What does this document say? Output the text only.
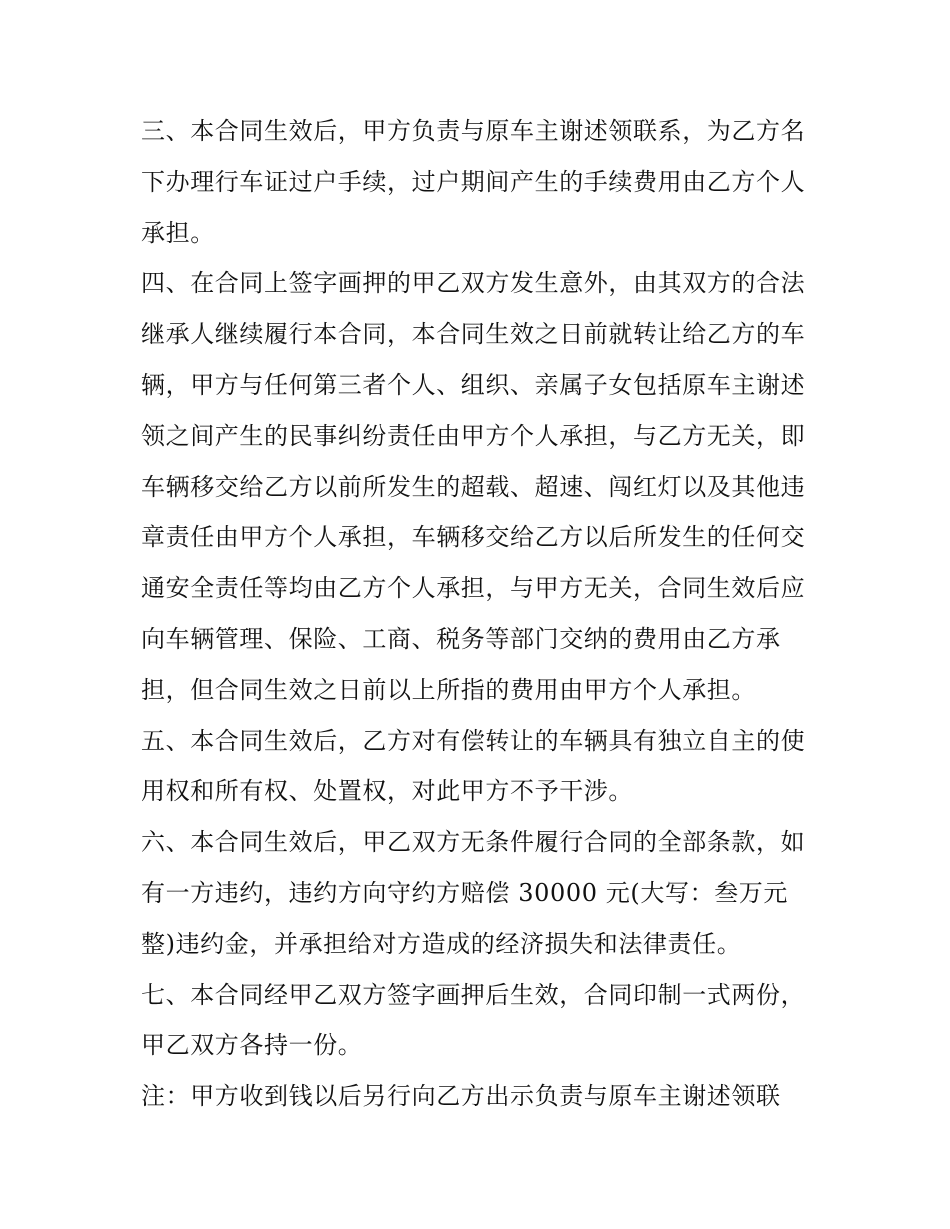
三、本合同生效后，甲方负责与原车主谢述领联系，为乙方名下办理行车证过户手续，过户期间产生的手续费用由乙方个人承担。

四、在合同上签字画押的甲乙双方发生意外，由其双方的合法继承人继续履行本合同，本合同生效之日前就转让给乙方的车辆，甲方与任何第三者个人、组织、亲属子女包括原车主谢述领之间产生的民事纠纷责任由甲方个人承担，与乙方无关，即车辆移交给乙方以前所发生的超载、超速、闯红灯以及其他违章责任由甲方个人承担，车辆移交给乙方以后所发生的任何交通安全责任等均由乙方个人承担，与甲方无关，合同生效后应向车辆管理、保险、工商、税务等部门交纳的费用由乙方承担，但合同生效之日前以上所指的费用由甲方个人承担。

五、本合同生效后，乙方对有偿转让的车辆具有独立自主的使用权和所有权、处置权，对此甲方不予干涉。

六、本合同生效后，甲乙双方无条件履行合同的全部条款，如有一方违约，违约方向守约方赔偿 30000 元(大写：叁万元整)违约金，并承担给对方造成的经济损失和法律责任。

七、本合同经甲乙双方签字画押后生效，合同印制一式两份，甲乙双方各持一份。

注：甲方收到钱以后另行向乙方出示负责与原车主谢述领联
